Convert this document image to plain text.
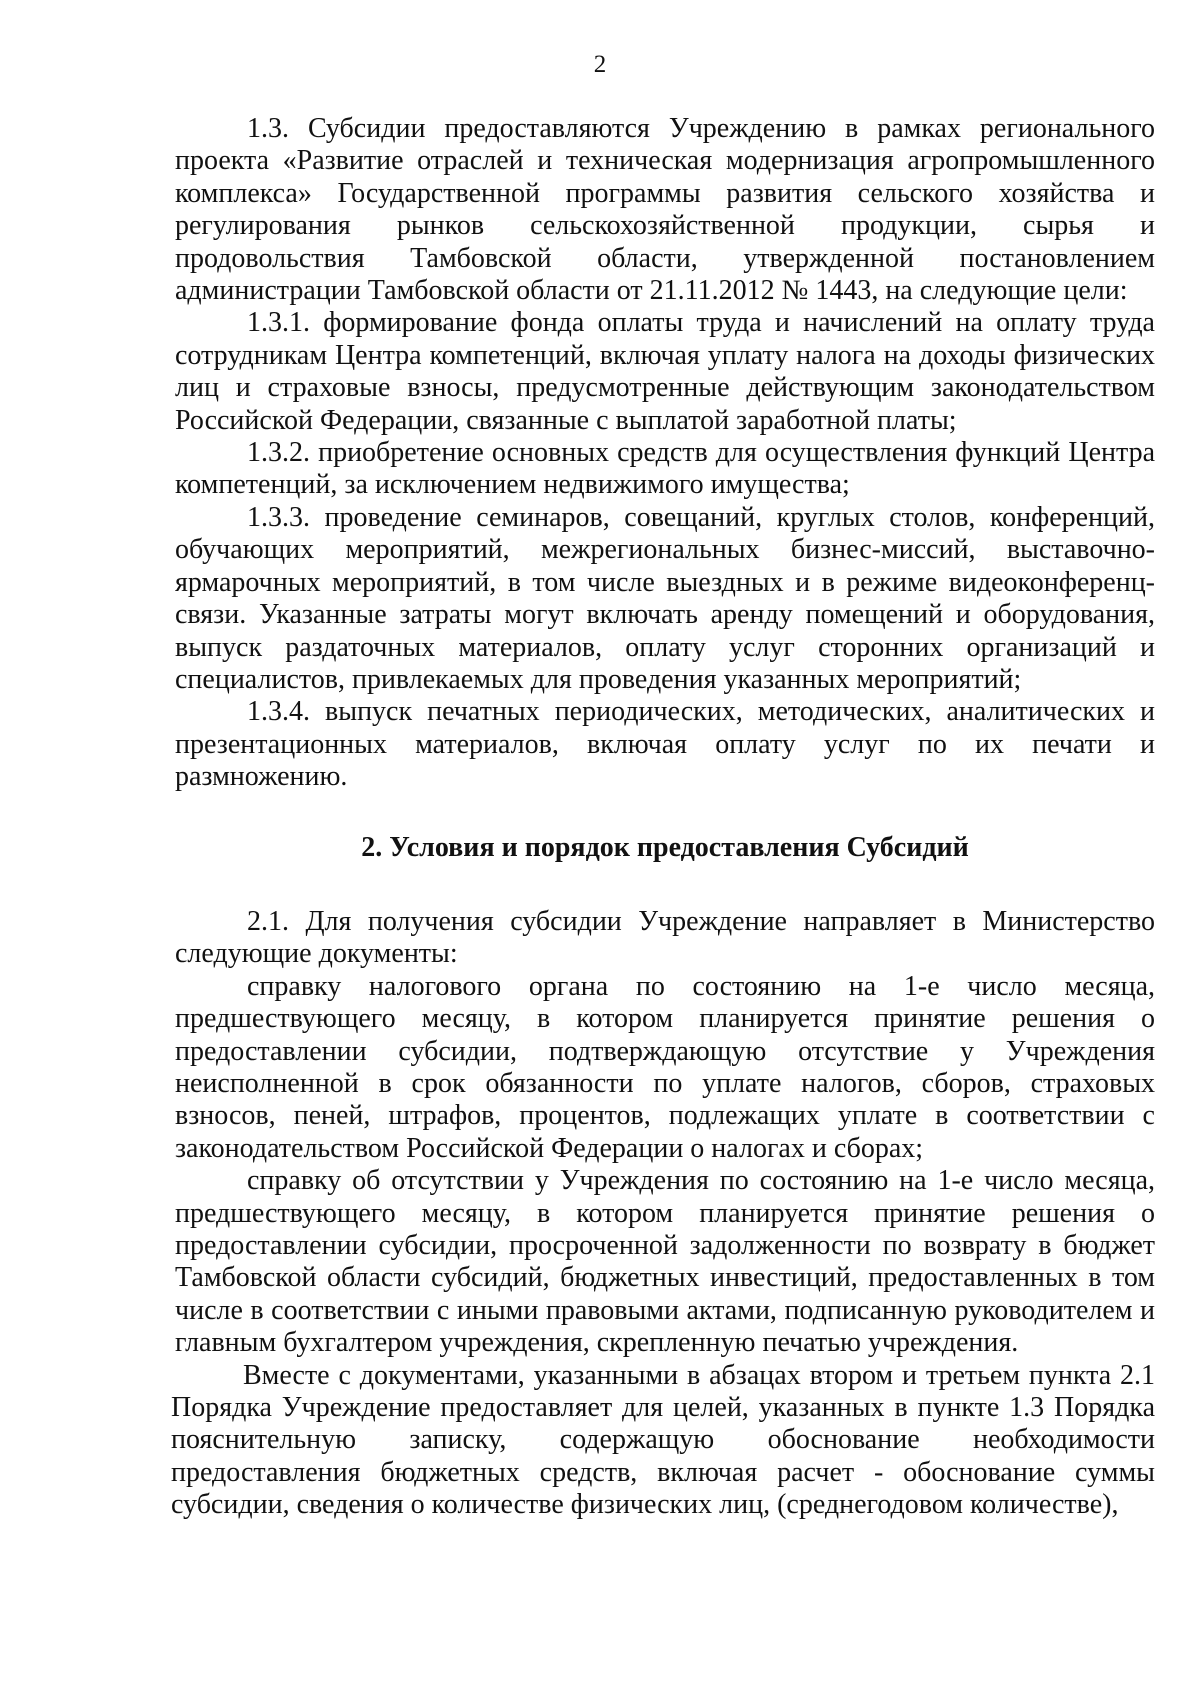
2

1.3. Субсидии предоставляются Учреждению в рамках регионального проекта «Развитие отраслей и техническая модернизация агропромышленного комплекса» Государственной программы развития сельского хозяйства и регулирования рынков сельскохозяйственной продукции, сырья и продовольствия Тамбовской области, утвержденной постановлением администрации Тамбовской области от 21.11.2012 № 1443, на следующие цели:

1.3.1. формирование фонда оплаты труда и начислений на оплату труда сотрудникам Центра компетенций, включая уплату налога на доходы физических лиц и страховые взносы, предусмотренные действующим законодательством Российской Федерации, связанные с выплатой заработной платы;

1.3.2. приобретение основных средств для осуществления функций Центра компетенций, за исключением недвижимого имущества;

1.3.3. проведение семинаров, совещаний, круглых столов, конференций, обучающих мероприятий, межрегиональных бизнес-миссий, выставочно-ярмарочных мероприятий, в том числе выездных и в режиме видеоконференц-связи. Указанные затраты могут включать аренду помещений и оборудования, выпуск раздаточных материалов, оплату услуг сторонних организаций и специалистов, привлекаемых для проведения указанных мероприятий;

1.3.4. выпуск печатных периодических, методических, аналитических и презентационных материалов, включая оплату услуг по их печати и размножению.

2. Условия и порядок предоставления Субсидий

2.1. Для получения субсидии Учреждение направляет в Министерство следующие документы:

справку налогового органа по состоянию на 1-е число месяца, предшествующего месяцу, в котором планируется принятие решения о предоставлении субсидии, подтверждающую отсутствие у Учреждения неисполненной в срок обязанности по уплате налогов, сборов, страховых взносов, пеней, штрафов, процентов, подлежащих уплате в соответствии с законодательством Российской Федерации о налогах и сборах;

справку об отсутствии у Учреждения по состоянию на 1-е число месяца, предшествующего месяцу, в котором планируется принятие решения о предоставлении субсидии, просроченной задолженности по возврату в бюджет Тамбовской области субсидий, бюджетных инвестиций, предоставленных в том числе в соответствии с иными правовыми актами, подписанную руководителем и главным бухгалтером учреждения, скрепленную печатью учреждения.

Вместе с документами, указанными в абзацах втором и третьем пункта 2.1 Порядка Учреждение предоставляет для целей, указанных в пункте 1.3 Порядка пояснительную записку, содержащую обоснование необходимости предоставления бюджетных средств, включая расчет - обоснование суммы субсидии, сведения о количестве физических лиц, (среднегодовом количестве),
